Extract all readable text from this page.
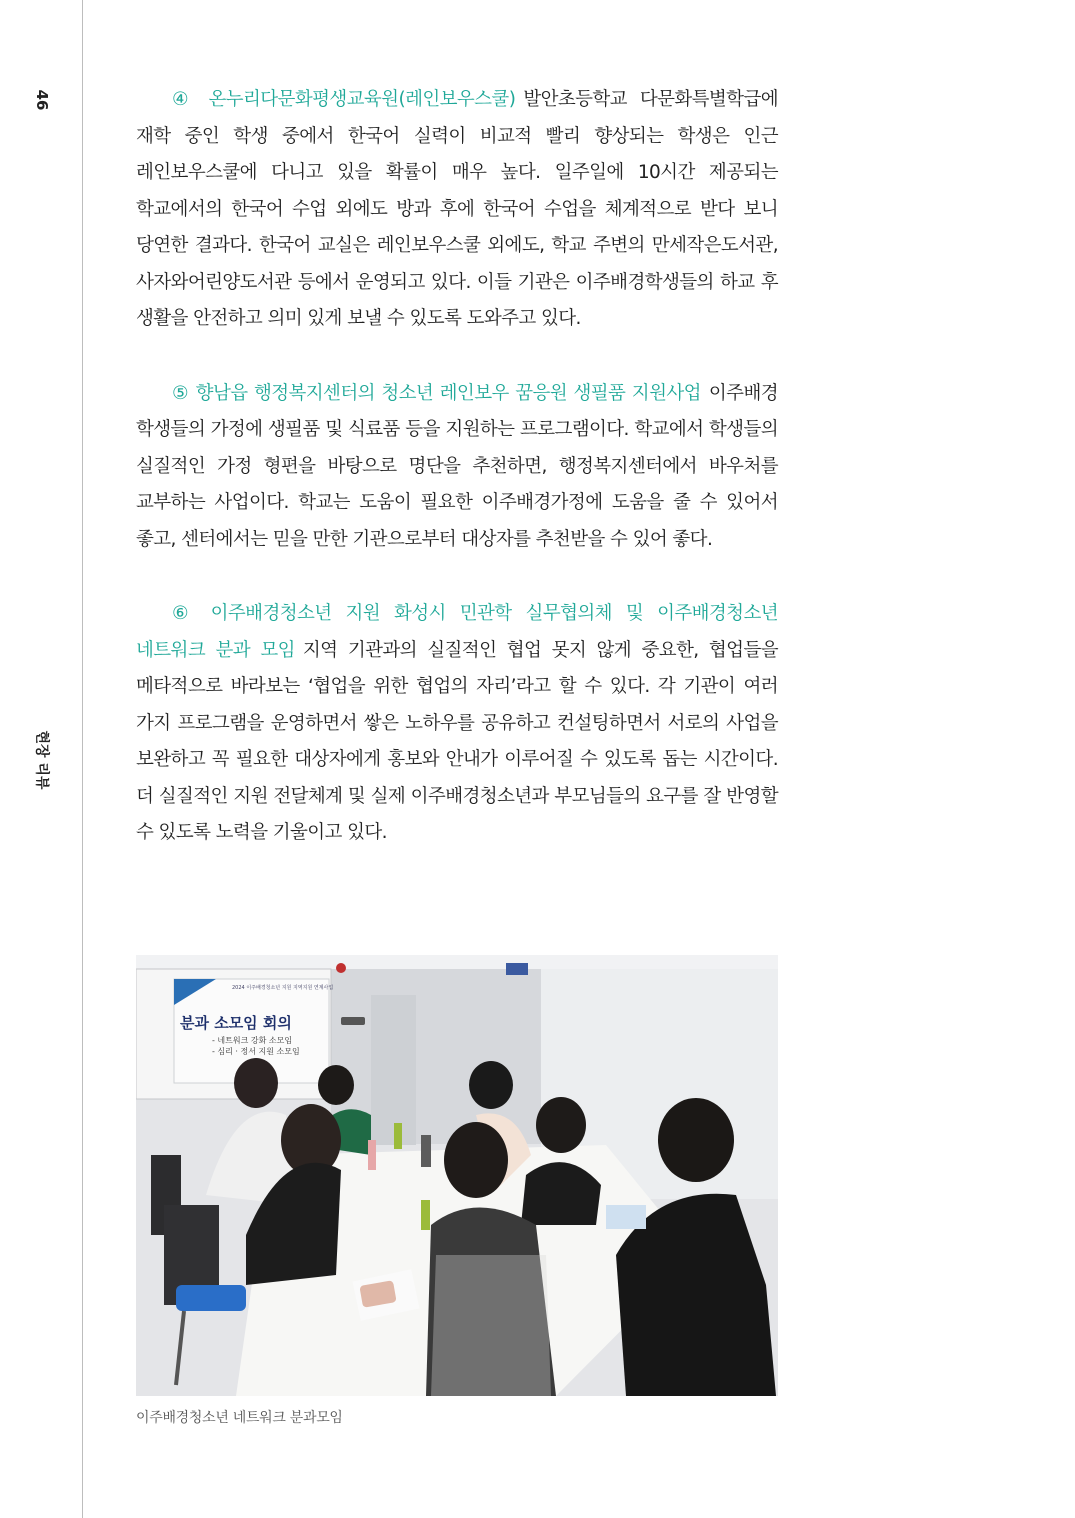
46
현장 리뷰

④ 온누리다문화평생교육원(레인보우스쿨) 발안초등학교 다문화특별학급에 재학 중인 학생 중에서 한국어 실력이 비교적 빨리 향상되는 학생은 인근 레인보우스쿨에 다니고 있을 확률이 매우 높다. 일주일에 10시간 제공되는 학교에서의 한국어 수업 외에도 방과 후에 한국어 수업을 체계적으로 받다 보니 당연한 결과다. 한국어 교실은 레인보우스쿨 외에도, 학교 주변의 만세작은도서관, 사자와어린양도서관 등에서 운영되고 있다. 이들 기관은 이주배경학생들의 하교 후 생활을 안전하고 의미 있게 보낼 수 있도록 도와주고 있다.

⑤ 향남읍 행정복지센터의 청소년 레인보우 꿈응원 생필품 지원사업 이주배경 학생들의 가정에 생필품 및 식료품 등을 지원하는 프로그램이다. 학교에서 학생들의 실질적인 가정 형편을 바탕으로 명단을 추천하면, 행정복지센터에서 바우처를 교부하는 사업이다. 학교는 도움이 필요한 이주배경가정에 도움을 줄 수 있어서 좋고, 센터에서는 믿을 만한 기관으로부터 대상자를 추천받을 수 있어 좋다.

⑥ 이주배경청소년 지원 화성시 민관학 실무협의체 및 이주배경청소년 네트워크 분과 모임 지역 기관과의 실질적인 협업 못지 않게 중요한, 협업들을 메타적으로 바라보는 ‘협업을 위한 협업의 자리’라고 할 수 있다. 각 기관이 여러 가지 프로그램을 운영하면서 쌓은 노하우를 공유하고 컨설팅하면서 서로의 사업을 보완하고 꼭 필요한 대상자에게 홍보와 안내가 이루어질 수 있도록 돕는 시간이다. 더 실질적인 지원 전달체계 및 실제 이주배경청소년과 부모님들의 요구를 잘 반영할 수 있도록 노력을 기울이고 있다.

2024 이주배경청소년 지원 지역지원 연계사업
분과 소모임 회의
- 네트워크 강화 소모임
- 심리 · 정서 지원 소모임
이주배경청소년 네트워크 분과모임
